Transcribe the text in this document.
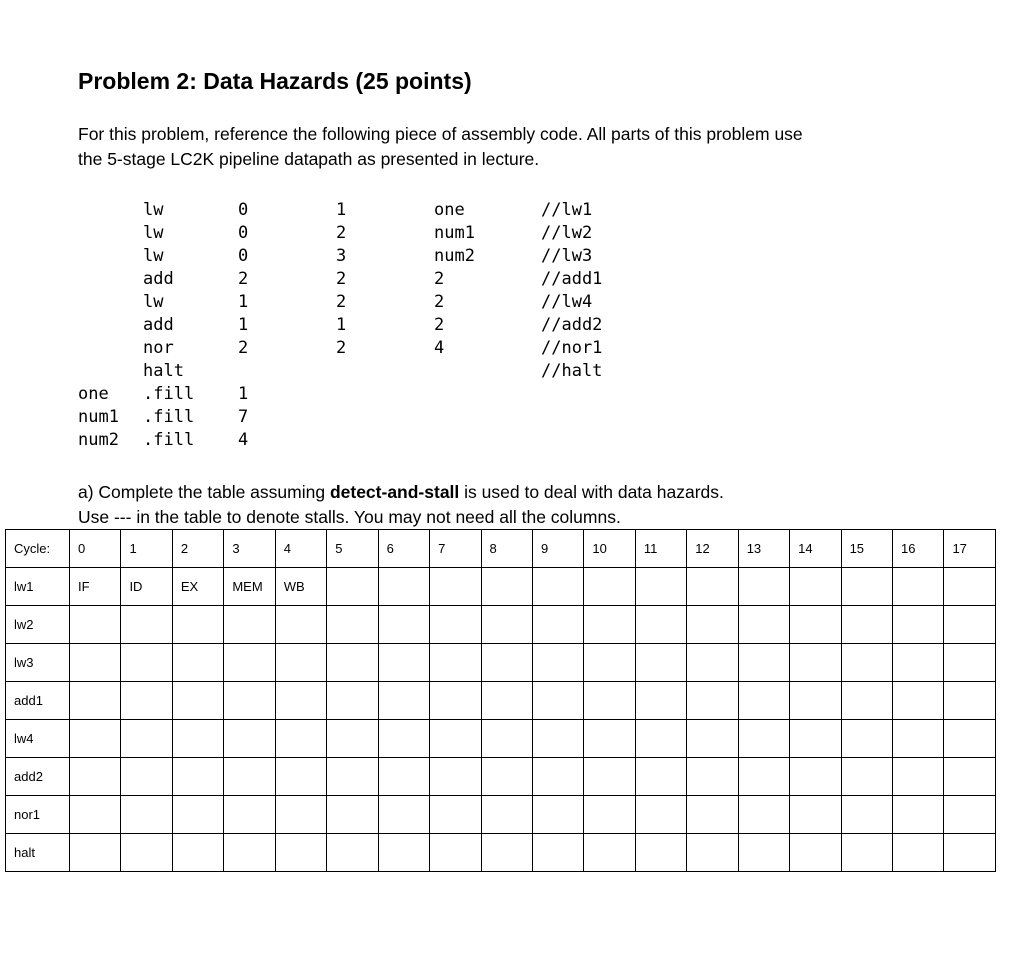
Problem 2: Data Hazards (25 points)

For this problem, reference the following piece of assembly code. All parts of this problem use

the 5-stage LC2K pipeline datapath as presented in lecture.

lw	0	1	one	//lw1
lw	0	2	num1	//lw2
lw	0	3	num2	//lw3
add	2	2	2	//add1
lw	1	2	2	//lw4
add	1	1	2	//add2
nor	2	2	4	//nor1
halt	//halt
one .fill	1
num1 .fill	7
num2 .fill	4

a) Complete the table assuming detect-and-stall is used to deal with data hazards.

Use --- in the table to denote stalls. You may not need all the columns.

Cycle:	0	1	2	3	4	5	6	7	8	9	10	11	12	13	14	15	16	17
lw1	IF	ID	EX	MEM	WB													
lw2																		
lw3																		
add1																		
lw4																		
add2																		
nor1																		
halt																		
